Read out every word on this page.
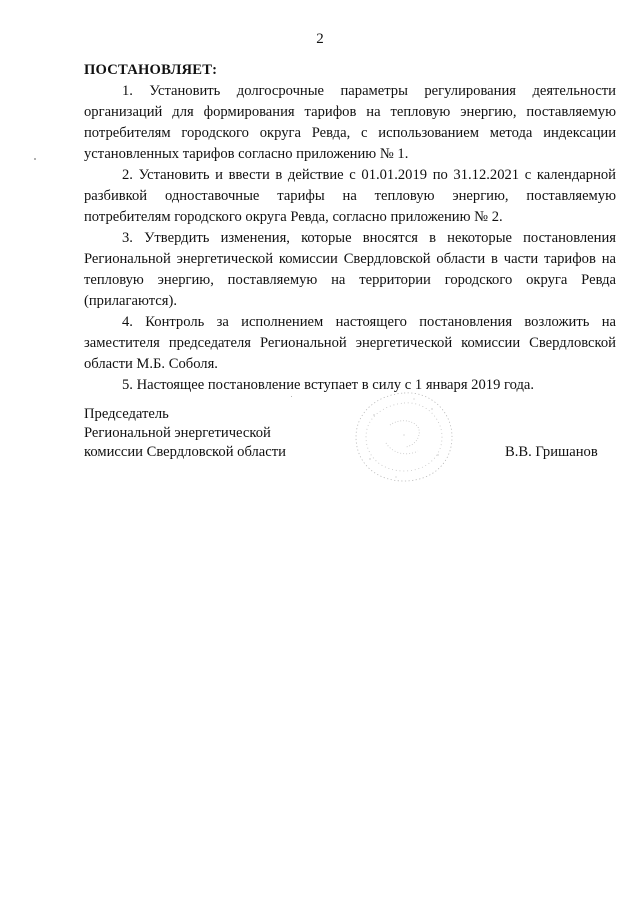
2

ПОСТАНОВЛЯЕТ:

1. Установить долгосрочные параметры регулирования деятельности организаций для формирования тарифов на тепловую энергию, поставляемую потребителям городского округа Ревда, с использованием метода индексации установленных тарифов согласно приложению № 1.

2. Установить и ввести в действие с 01.01.2019 по 31.12.2021 с календарной разбивкой одноставочные тарифы на тепловую энергию, поставляемую потребителям городского округа Ревда, согласно приложению № 2.

3. Утвердить изменения, которые вносятся в некоторые постановления Региональной энергетической комиссии Свердловской области в части тарифов на тепловую энергию, поставляемую на территории городского округа Ревда (прилагаются).

4. Контроль за исполнением настоящего постановления возложить на заместителя председателя Региональной энергетической комиссии Свердловской области М.Б. Соболя.

5. Настоящее постановление вступает в силу с 1 января 2019 года.

Председатель
Региональной энергетической
комиссии Свердловской области	В.В. Гришанов
